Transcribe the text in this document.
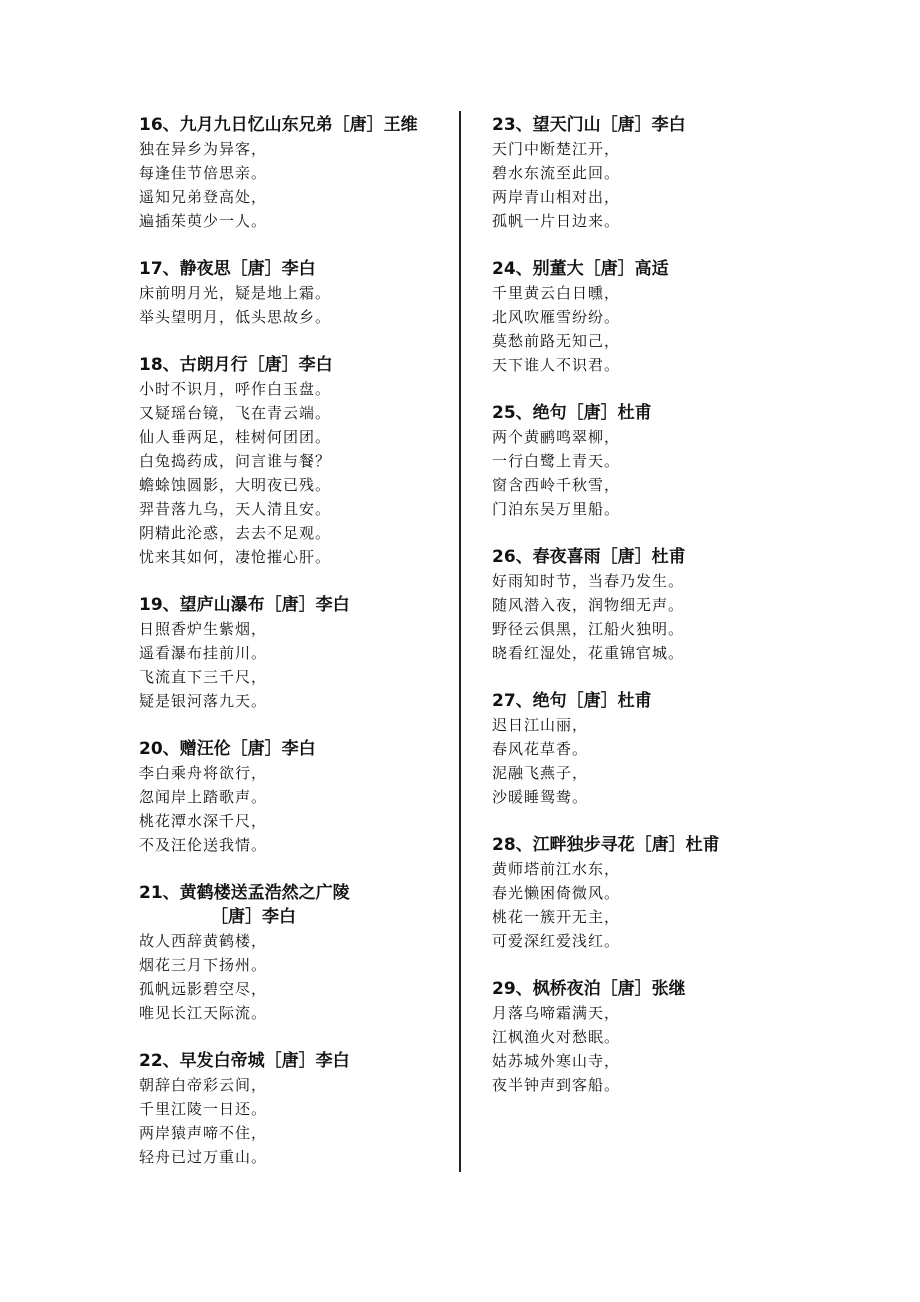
16、九月九日忆山东兄弟［唐］王维
独在异乡为异客，
每逢佳节倍思亲。
遥知兄弟登高处，
遍插茱萸少一人。
17、静夜思［唐］李白
床前明月光，疑是地上霜。
举头望明月，低头思故乡。
18、古朗月行［唐］李白
小时不识月，呼作白玉盘。
又疑瑶台镜，飞在青云端。
仙人垂两足，桂树何团团。
白兔捣药成，问言谁与餐？
蟾蜍蚀圆影，大明夜已残。
羿昔落九乌，天人清且安。
阴精此沦惑，去去不足观。
忧来其如何，凄怆摧心肝。
19、望庐山瀑布［唐］李白
日照香炉生紫烟，
遥看瀑布挂前川。
飞流直下三千尺，
疑是银河落九天。
20、赠汪伦［唐］李白
李白乘舟将欲行，
忽闻岸上踏歌声。
桃花潭水深千尺，
不及汪伦送我情。
21、黄鹤楼送孟浩然之广陵
［唐］李白
故人西辞黄鹤楼，
烟花三月下扬州。
孤帆远影碧空尽，
唯见长江天际流。
22、早发白帝城［唐］李白
朝辞白帝彩云间，
千里江陵一日还。
两岸猿声啼不住，
轻舟已过万重山。
23、望天门山［唐］李白
天门中断楚江开，
碧水东流至此回。
两岸青山相对出，
孤帆一片日边来。
24、别董大［唐］高适
千里黄云白日曛，
北风吹雁雪纷纷。
莫愁前路无知己，
天下谁人不识君。
25、绝句［唐］杜甫
两个黄鹂鸣翠柳，
一行白鹭上青天。
窗含西岭千秋雪，
门泊东吴万里船。
26、春夜喜雨［唐］杜甫
好雨知时节，当春乃发生。
随风潜入夜，润物细无声。
野径云俱黑，江船火独明。
晓看红湿处，花重锦官城。
27、绝句［唐］杜甫
迟日江山丽，
春风花草香。
泥融飞燕子，
沙暖睡鸳鸯。
28、江畔独步寻花［唐］杜甫
黄师塔前江水东，
春光懒困倚微风。
桃花一簇开无主，
可爱深红爱浅红。
29、枫桥夜泊［唐］张继
月落乌啼霜满天，
江枫渔火对愁眠。
姑苏城外寒山寺，
夜半钟声到客船。
